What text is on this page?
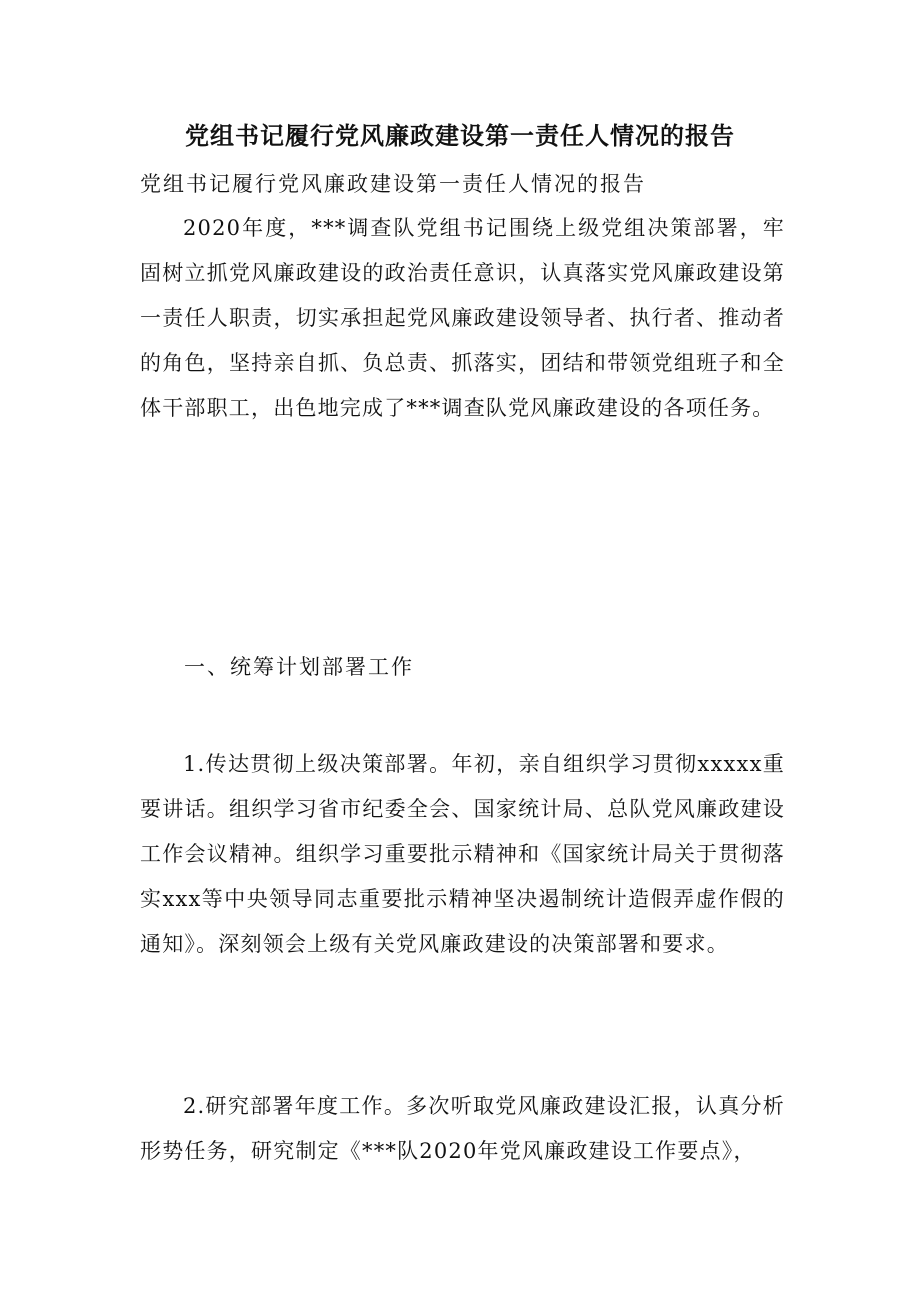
党组书记履行党风廉政建设第一责任人情况的报告
党组书记履行党风廉政建设第一责任人情况的报告

2020年度，***调查队党组书记围绕上级党组决策部署，牢固树立抓党风廉政建设的政治责任意识，认真落实党风廉政建设第一责任人职责，切实承担起党风廉政建设领导者、执行者、推动者的角色，坚持亲自抓、负总责、抓落实，团结和带领党组班子和全体干部职工，出色地完成了***调查队党风廉政建设的各项任务。

一、统筹计划部署工作

1.传达贯彻上级决策部署。年初，亲自组织学习贯彻xxxxx重要讲话。组织学习省市纪委全会、国家统计局、总队党风廉政建设工作会议精神。组织学习重要批示精神和《国家统计局关于贯彻落实xxx等中央领导同志重要批示精神坚决遏制统计造假弄虚作假的通知》。深刻领会上级有关党风廉政建设的决策部署和要求。

2.研究部署年度工作。多次听取党风廉政建设汇报，认真分析形势任务，研究制定《***队2020年党风廉政建设工作要点》，
